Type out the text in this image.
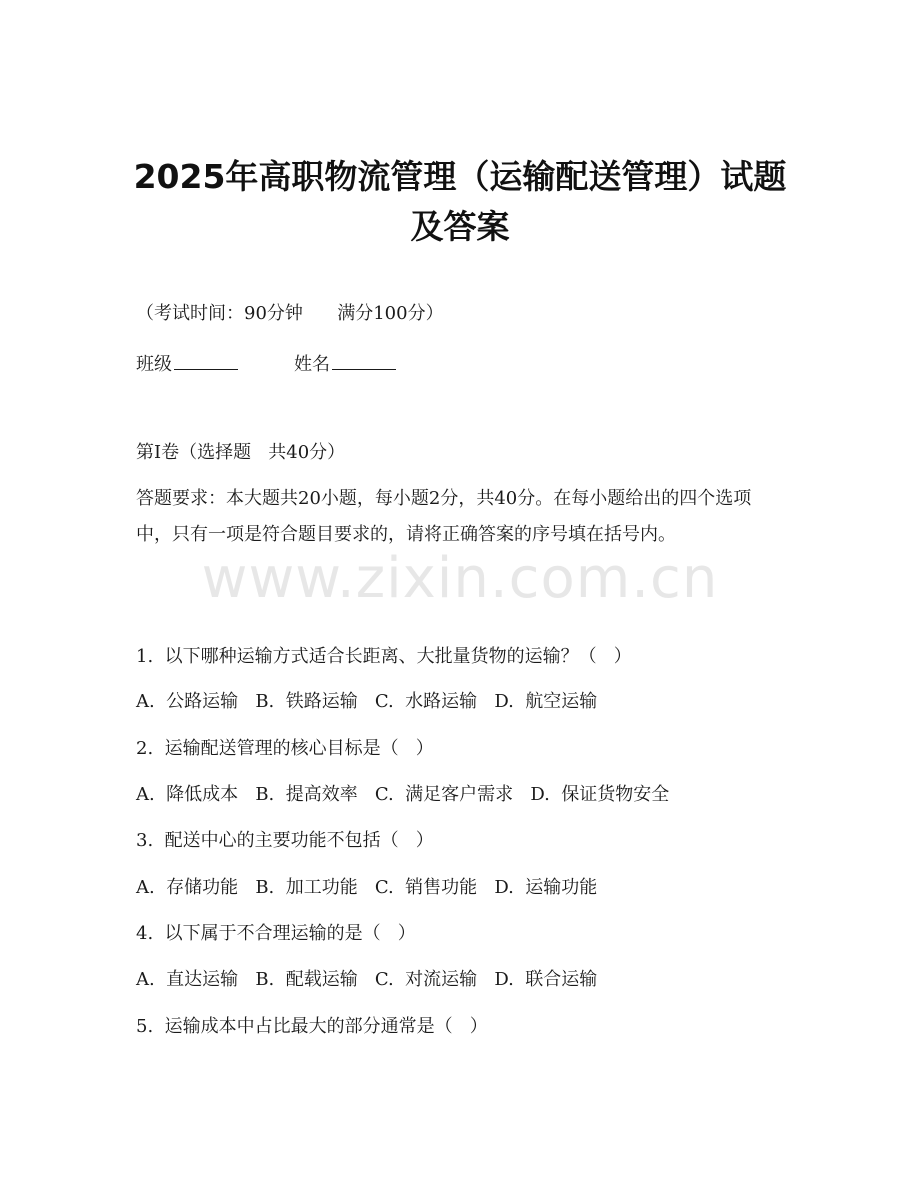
2025年高职物流管理（运输配送管理）试题
及答案
（考试时间：90分钟      满分100分）
班级	姓名
第I卷（选择题   共40分）
答题要求：本大题共20小题，每小题2分，共40分。在每小题给出的四个选项中，只有一项是符合题目要求的，请将正确答案的序号填在括号内。
www.zixin.com.cn
1.  以下哪种运输方式适合长距离、大批量货物的运输？（   ）
A.  公路运输   B.  铁路运输   C.  水路运输   D.  航空运输
2.  运输配送管理的核心目标是（   ）
A.  降低成本   B.  提高效率   C.  满足客户需求   D.  保证货物安全
3.  配送中心的主要功能不包括（   ）
A.  存储功能   B.  加工功能   C.  销售功能   D.  运输功能
4.  以下属于不合理运输的是（   ）
A.  直达运输   B.  配载运输   C.  对流运输   D.  联合运输
5.  运输成本中占比最大的部分通常是（   ）
